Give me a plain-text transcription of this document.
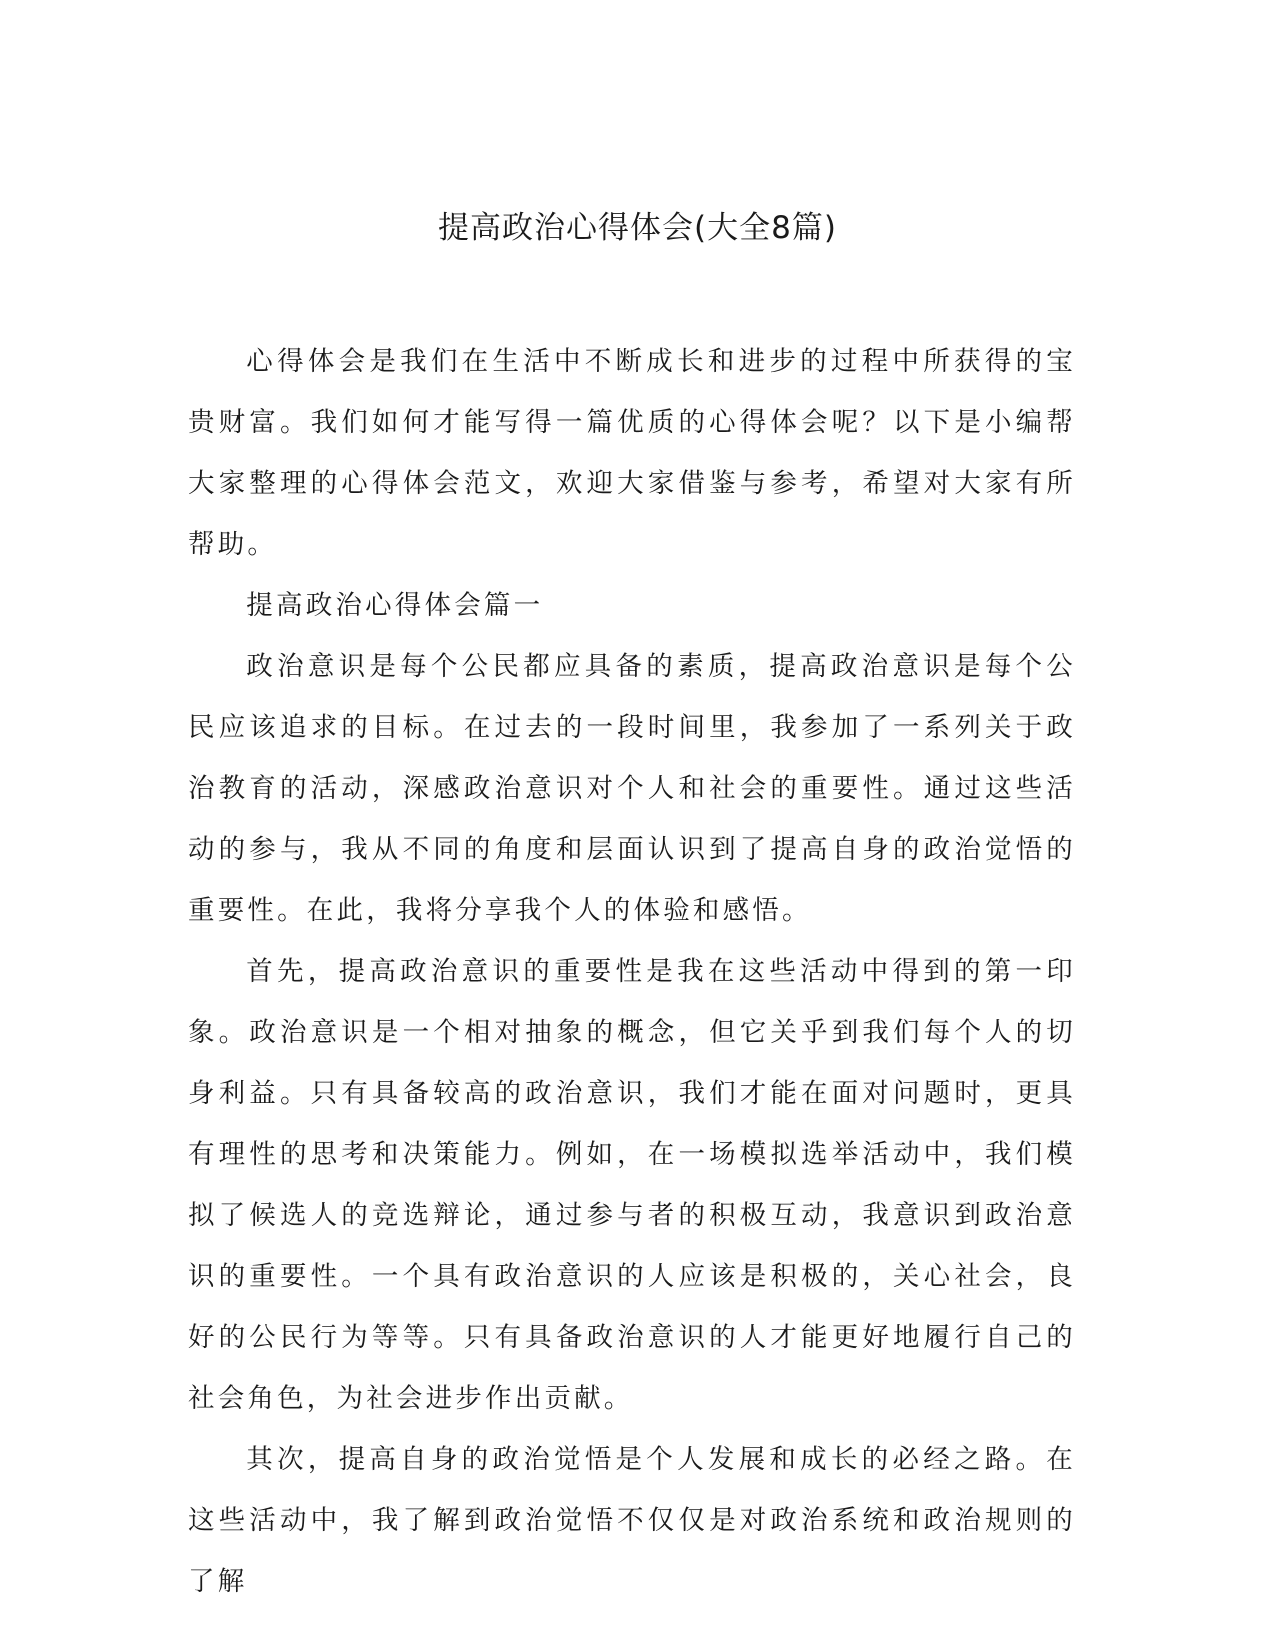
提高政治心得体会(大全8篇)

心得体会是我们在生活中不断成长和进步的过程中所获得的宝贵财富。我们如何才能写得一篇优质的心得体会呢？以下是小编帮大家整理的心得体会范文，欢迎大家借鉴与参考，希望对大家有所帮助。

提高政治心得体会篇一

政治意识是每个公民都应具备的素质，提高政治意识是每个公民应该追求的目标。在过去的一段时间里，我参加了一系列关于政治教育的活动，深感政治意识对个人和社会的重要性。通过这些活动的参与，我从不同的角度和层面认识到了提高自身的政治觉悟的重要性。在此，我将分享我个人的体验和感悟。

首先，提高政治意识的重要性是我在这些活动中得到的第一印象。政治意识是一个相对抽象的概念，但它关乎到我们每个人的切身利益。只有具备较高的政治意识，我们才能在面对问题时，更具有理性的思考和决策能力。例如，在一场模拟选举活动中，我们模拟了候选人的竞选辩论，通过参与者的积极互动，我意识到政治意识的重要性。一个具有政治意识的人应该是积极的，关心社会，良好的公民行为等等。只有具备政治意识的人才能更好地履行自己的社会角色，为社会进步作出贡献。

其次，提高自身的政治觉悟是个人发展和成长的必经之路。在这些活动中，我了解到政治觉悟不仅仅是对政治系统和政治规则的了解
